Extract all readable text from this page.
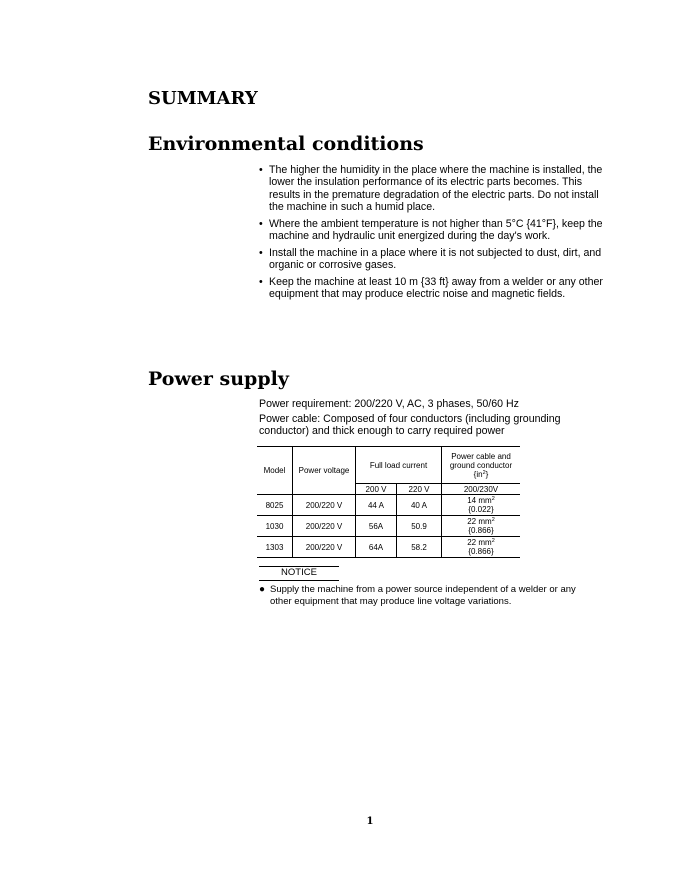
SUMMARY
Environmental conditions
• The higher the humidity in the place where the machine is installed, the lower the insulation performance of its electric parts becomes. This results in the premature degradation of the electric parts. Do not install the machine in such a humid place.
• Where the ambient temperature is not higher than 5°C {41°F}, keep the machine and hydraulic unit energized during the day's work.
• Install the machine in a place where it is not subjected to dust, dirt, and organic or corrosive gases.
• Keep the machine at least 10 m {33 ft} away from a welder or any other equipment that may produce electric noise and magnetic fields.
Power supply

Power requirement: 200/220 V, AC, 3 phases, 50/60 Hz

Power cable: Composed of four conductors (including grounding conductor) and thick enough to carry required power

Model	Power voltage	Full load current		Power cable and ground conductor
$\{in^2\}$

		200 V	220 V	200/230V
8025	200/220 V	44 A	40 A	14 $mm^2$
{0.022}

1030	200/220 V	56A	50.9	22 $mm^2$
{0.866}

1303	200/220 V	64A	58.2	22 $mm^2$
{0.866}
NOTICE
● Supply the machine from a power source independent of a welder or any other equipment that may produce line voltage variations.
1
